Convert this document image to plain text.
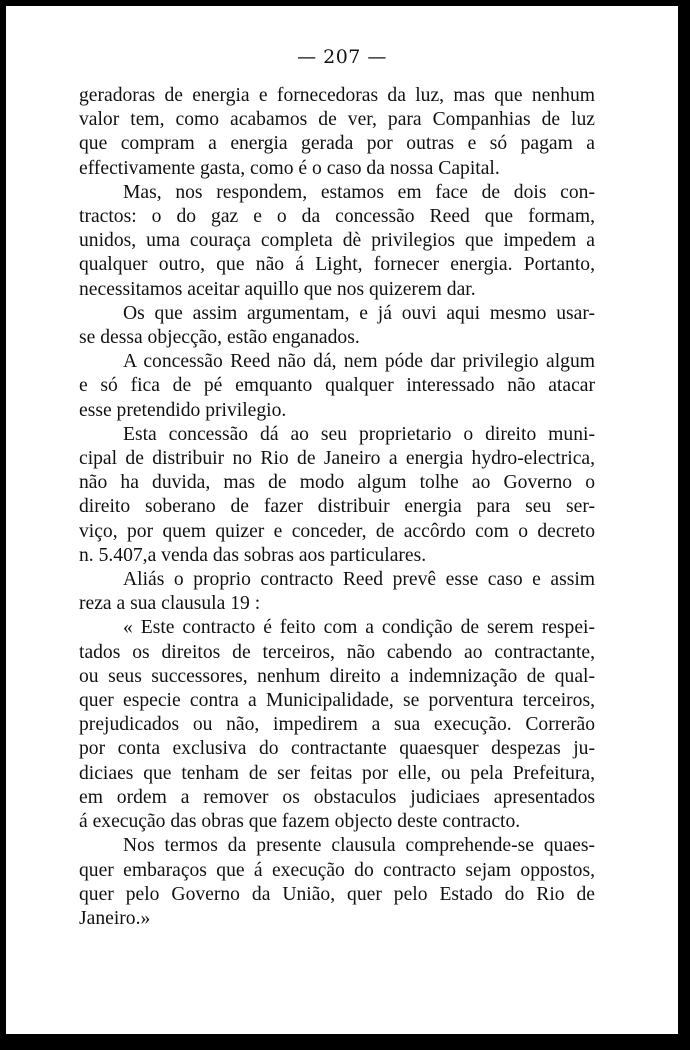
— 207 —

geradoras de energia e fornecedoras da luz, mas que nenhum
valor tem, como acabamos de ver, para Companhias de luz
que compram a energia gerada por outras e só pagam a
effectivamente gasta, como é o caso da nossa Capital.

Mas, nos respondem, estamos em face de dois con-
tractos: o do gaz e o da concessão Reed que formam,
unidos, uma couraça completa dè privilegios que impedem a
qualquer outro, que não á Light, fornecer energia. Portanto,
necessitamos aceitar aquillo que nos quizerem dar.

Os que assim argumentam, e já ouvi aqui mesmo usar-
se dessa objecção, estão enganados.

A concessão Reed não dá, nem póde dar privilegio algum
e só fica de pé emquanto qualquer interessado não atacar
esse pretendido privilegio.

Esta concessão dá ao seu proprietario o direito muni-
cipal de distribuir no Rio de Janeiro a energia hydro-electrica,
não ha duvida, mas de modo algum tolhe ao Governo o
direito soberano de fazer distribuir energia para seu ser-
viço, por quem quizer e conceder, de accôrdo com o decreto
n. 5.407,a venda das sobras aos particulares.

Aliás o proprio contracto Reed prevê esse caso e assim
reza a sua clausula 19 :

« Este contracto é feito com a condição de serem respei-
tados os direitos de terceiros, não cabendo ao contractante,
ou seus successores, nenhum direito a indemnização de qual-
quer especie contra a Municipalidade, se porventura terceiros,
prejudicados ou não, impedirem a sua execução. Correrão
por conta exclusiva do contractante quaesquer despezas ju-
diciaes que tenham de ser feitas por elle, ou pela Prefeitura,
em ordem a remover os obstaculos judiciaes apresentados
á execução das obras que fazem objecto deste contracto.

Nos termos da presente clausula comprehende-se quaes-
quer embaraços que á execução do contracto sejam oppostos,
quer pelo Governo da União, quer pelo Estado do Rio de
Janeiro.»
